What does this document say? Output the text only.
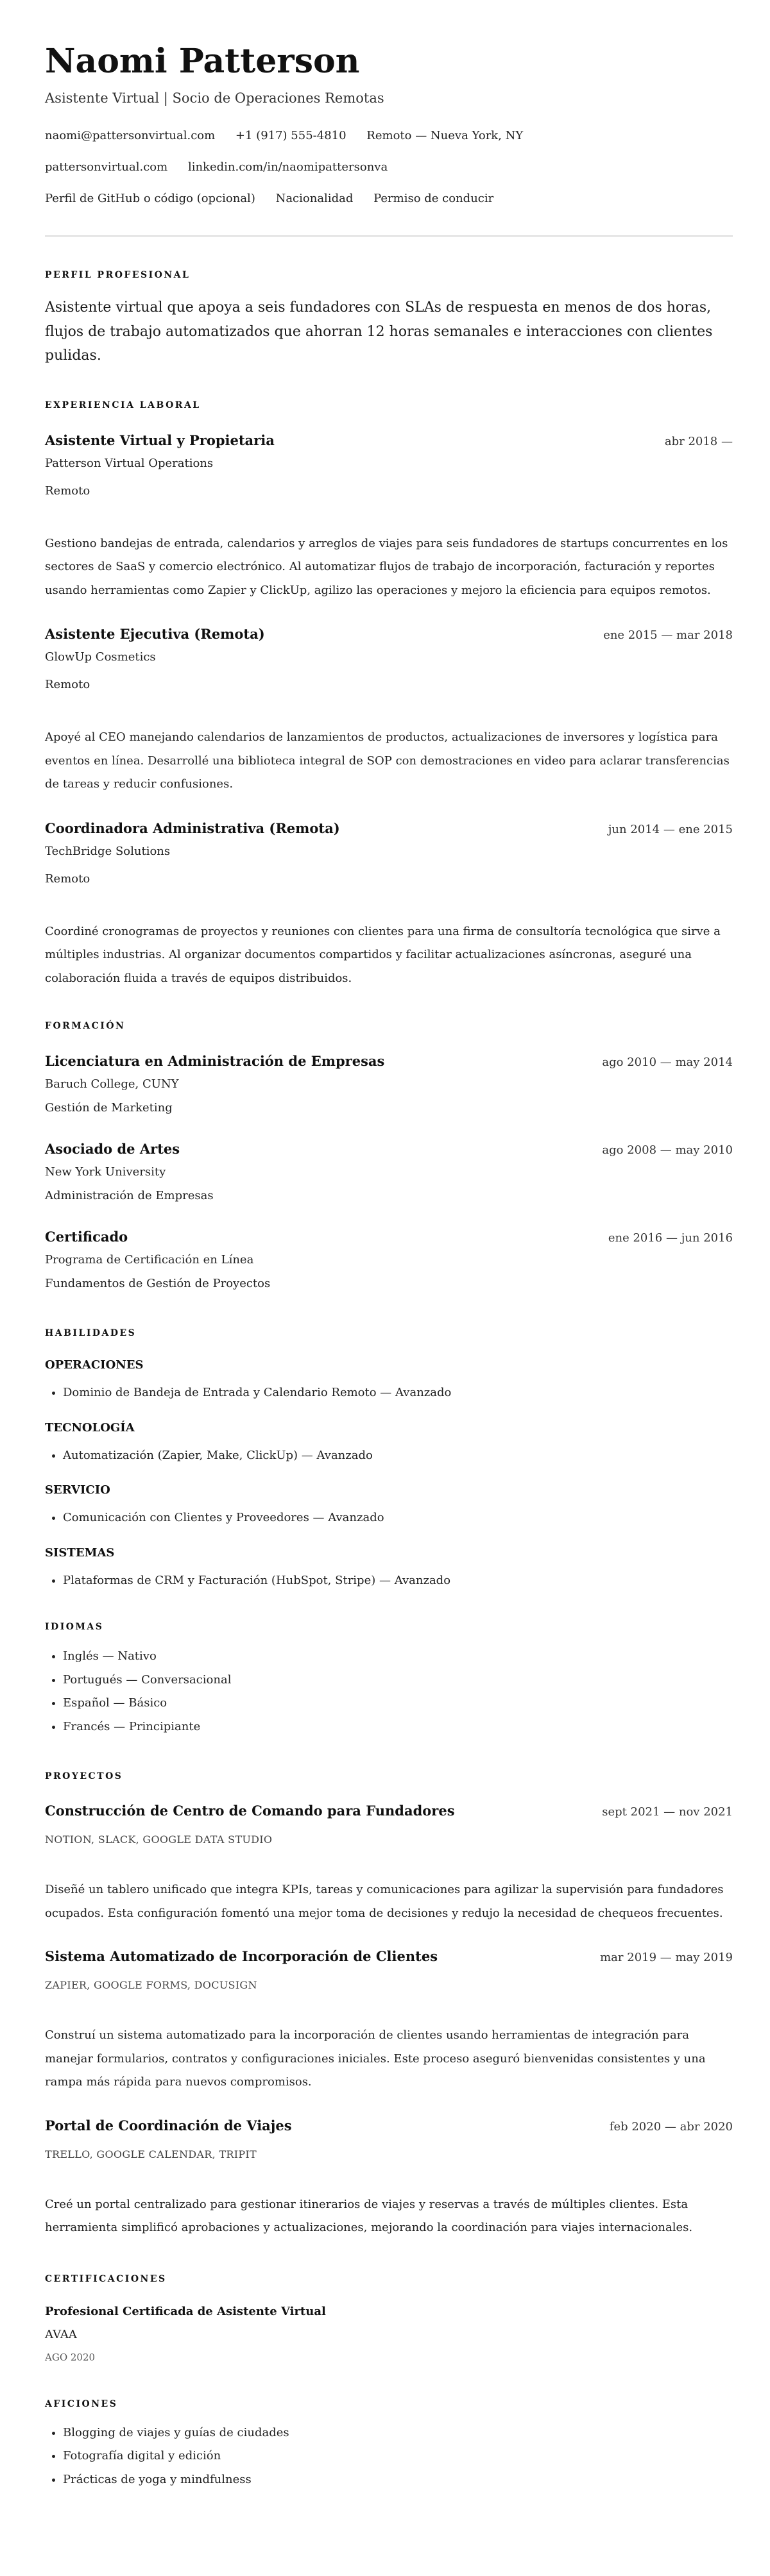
Naomi Patterson
Asistente Virtual | Socio de Operaciones Remotas
naomi@pattersonvirtual.com +1 (917) 555-4810 Remoto — Nueva York, NY
pattersonvirtual.com linkedin.com/in/naomipattersonva
Perfil de GitHub o código (opcional) Nacionalidad Permiso de conducir
PERFIL PROFESIONAL
Asistente virtual que apoya a seis fundadores con SLAs de respuesta en menos de dos horas, flujos de trabajo automatizados que ahorran 12 horas semanales e interacciones con clientes pulidas.
EXPERIENCIA LABORAL
Asistente Virtual y Propietaria	abr 2018 —
Patterson Virtual Operations
Remoto
Gestiono bandejas de entrada, calendarios y arreglos de viajes para seis fundadores de startups concurrentes en los sectores de SaaS y comercio electrónico. Al automatizar flujos de trabajo de incorporación, facturación y reportes usando herramientas como Zapier y ClickUp, agilizo las operaciones y mejoro la eficiencia para equipos remotos.
Asistente Ejecutiva (Remota)	ene 2015 — mar 2018
GlowUp Cosmetics
Remoto
Apoyé al CEO manejando calendarios de lanzamientos de productos, actualizaciones de inversores y logística para eventos en línea. Desarrollé una biblioteca integral de SOP con demostraciones en video para aclarar transferencias de tareas y reducir confusiones.
Coordinadora Administrativa (Remota)	jun 2014 — ene 2015
TechBridge Solutions
Remoto
Coordiné cronogramas de proyectos y reuniones con clientes para una firma de consultoría tecnológica que sirve a múltiples industrias. Al organizar documentos compartidos y facilitar actualizaciones asíncronas, aseguré una colaboración fluida a través de equipos distribuidos.
FORMACIÓN
Licenciatura en Administración de Empresas	ago 2010 — may 2014
Baruch College, CUNY
Gestión de Marketing
Asociado de Artes	ago 2008 — may 2010
New York University
Administración de Empresas
Certificado	ene 2016 — jun 2016
Programa de Certificación en Línea
Fundamentos de Gestión de Proyectos
HABILIDADES
OPERACIONES
• Dominio de Bandeja de Entrada y Calendario Remoto — Avanzado
TECNOLOGÍA
• Automatización (Zapier, Make, ClickUp) — Avanzado
SERVICIO
• Comunicación con Clientes y Proveedores — Avanzado
SISTEMAS
• Plataformas de CRM y Facturación (HubSpot, Stripe) — Avanzado
IDIOMAS
• Inglés — Nativo
• Portugués — Conversacional
• Español — Básico
• Francés — Principiante
PROYECTOS
Construcción de Centro de Comando para Fundadores	sept 2021 — nov 2021
NOTION, SLACK, GOOGLE DATA STUDIO
Diseñé un tablero unificado que integra KPIs, tareas y comunicaciones para agilizar la supervisión para fundadores ocupados. Esta configuración fomentó una mejor toma de decisiones y redujo la necesidad de chequeos frecuentes.
Sistema Automatizado de Incorporación de Clientes	mar 2019 — may 2019
ZAPIER, GOOGLE FORMS, DOCUSIGN
Construí un sistema automatizado para la incorporación de clientes usando herramientas de integración para manejar formularios, contratos y configuraciones iniciales. Este proceso aseguró bienvenidas consistentes y una rampa más rápida para nuevos compromisos.
Portal de Coordinación de Viajes	feb 2020 — abr 2020
TRELLO, GOOGLE CALENDAR, TRIPIT
Creé un portal centralizado para gestionar itinerarios de viajes y reservas a través de múltiples clientes. Esta herramienta simplificó aprobaciones y actualizaciones, mejorando la coordinación para viajes internacionales.
CERTIFICACIONES
Profesional Certificada de Asistente Virtual
AVAA
AGO 2020
AFICIONES
• Blogging de viajes y guías de ciudades
• Fotografía digital y edición
• Prácticas de yoga y mindfulness
